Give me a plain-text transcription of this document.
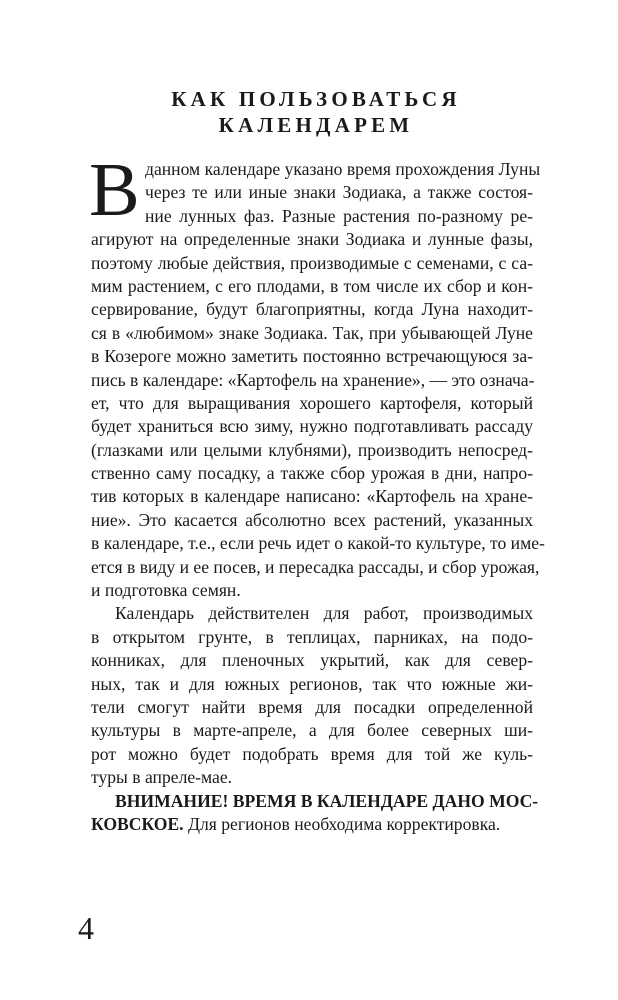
КАК ПОЛЬЗОВАТЬСЯ
КАЛЕНДАРЕМ
В данном календаре указано время прохождения Луны
через те или иные знаки Зодиака, а также состоя-
ние лунных фаз. Разные растения по-разному ре-
агируют на определенные знаки Зодиака и лунные фазы,
поэтому любые действия, производимые с семенами, с са-
мим растением, с его плодами, в том числе их сбор и кон-
сервирование, будут благоприятны, когда Луна находит-
ся в «любимом» знаке Зодиака. Так, при убывающей Луне
в Козероге можно заметить постоянно встречающуюся за-
пись в календаре: «Картофель на хранение», — это означа-
ет, что для выращивания хорошего картофеля, который
будет храниться всю зиму, нужно подготавливать рассаду
(глазками или целыми клубнями), производить непосред-
ственно саму посадку, а также сбор урожая в дни, напро-
тив которых в календаре написано: «Картофель на хране-
ние». Это касается абсолютно всех растений, указанных
в календаре, т.е., если речь идет о какой-то культуре, то име-
ется в виду и ее посев, и пересадка рассады, и сбор урожая,
и подготовка семян.
Календарь действителен для работ, производимых
в открытом грунте, в теплицах, парниках, на подо-
конниках, для пленочных укрытий, как для север-
ных, так и для южных регионов, так что южные жи-
тели смогут найти время для посадки определенной
культуры в марте-апреле, а для более северных ши-
рот можно будет подобрать время для той же куль-
туры в апреле-мае.
ВНИМАНИЕ! ВРЕМЯ В КАЛЕНДАРЕ ДАНО МОС-
КОВСКОЕ. Для регионов необходима корректировка.
4
